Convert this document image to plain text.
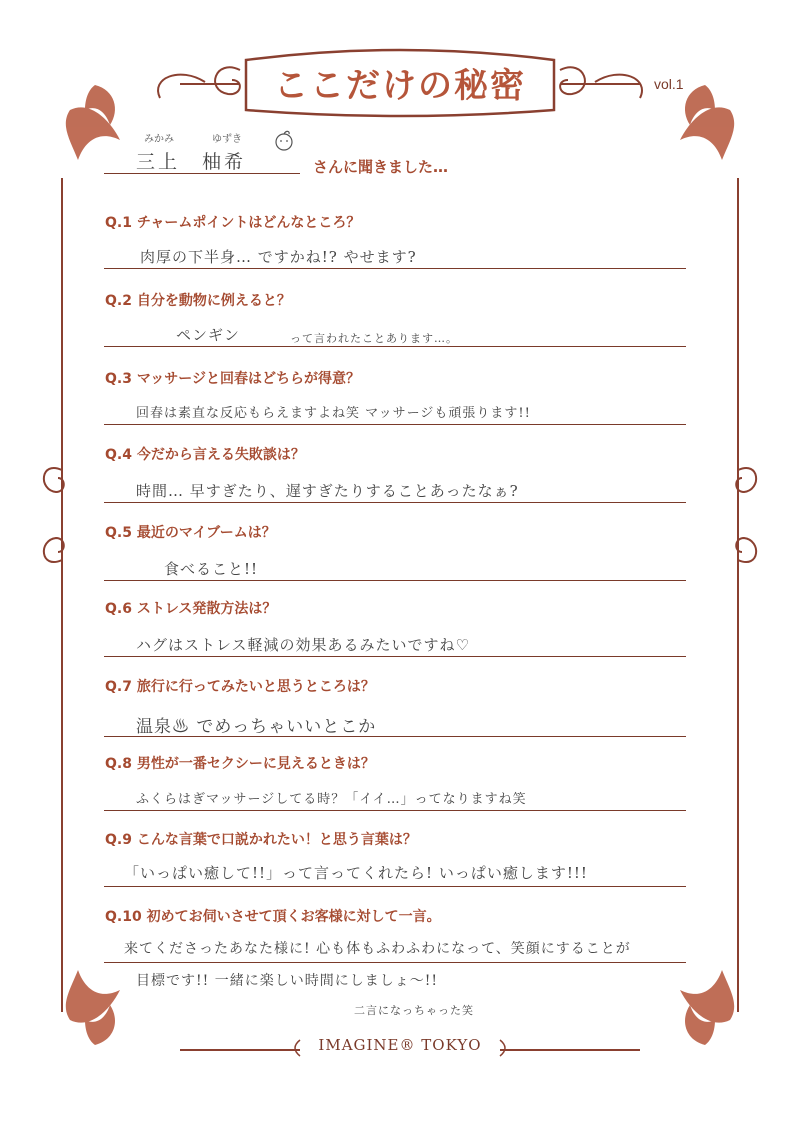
ここだけの秘密	vol.1
みかみ	ゆずき
三上　柚希	さんに聞きました…
Q.1 チャームポイントはどんなところ？
肉厚の下半身… ですかね!? やせます?
Q.2 自分を動物に例えると？
ペンギン	って言われたことあります…。
Q.3 マッサージと回春はどちらが得意？
回春は素直な反応もらえますよね笑 マッサージも頑張ります!!
Q.4 今だから言える失敗談は？
時間… 早すぎたり、遅すぎたりすることあったなぁ?
Q.5 最近のマイブームは？
食べること!!
Q.6 ストレス発散方法は？
ハグはストレス軽減の効果あるみたいですね♡
Q.7 旅行に行ってみたいと思うところは？
温泉♨ でめっちゃいいとこか
Q.8 男性が一番セクシーに見えるときは？
ふくらはぎマッサージしてる時？「イイ…」ってなりますね笑
Q.9 こんな言葉で口説かれたい！と思う言葉は？
「いっぱい癒して!!」って言ってくれたら! いっぱい癒します!!!
Q.10 初めてお伺いさせて頂くお客様に対して一言。
来てくださったあなた様に! 心も体もふわふわになって、笑顔にすることが
目標です!! 一緒に楽しい時間にしましょ〜!!
二言になっちゃった笑
IMAGINE® TOKYO
